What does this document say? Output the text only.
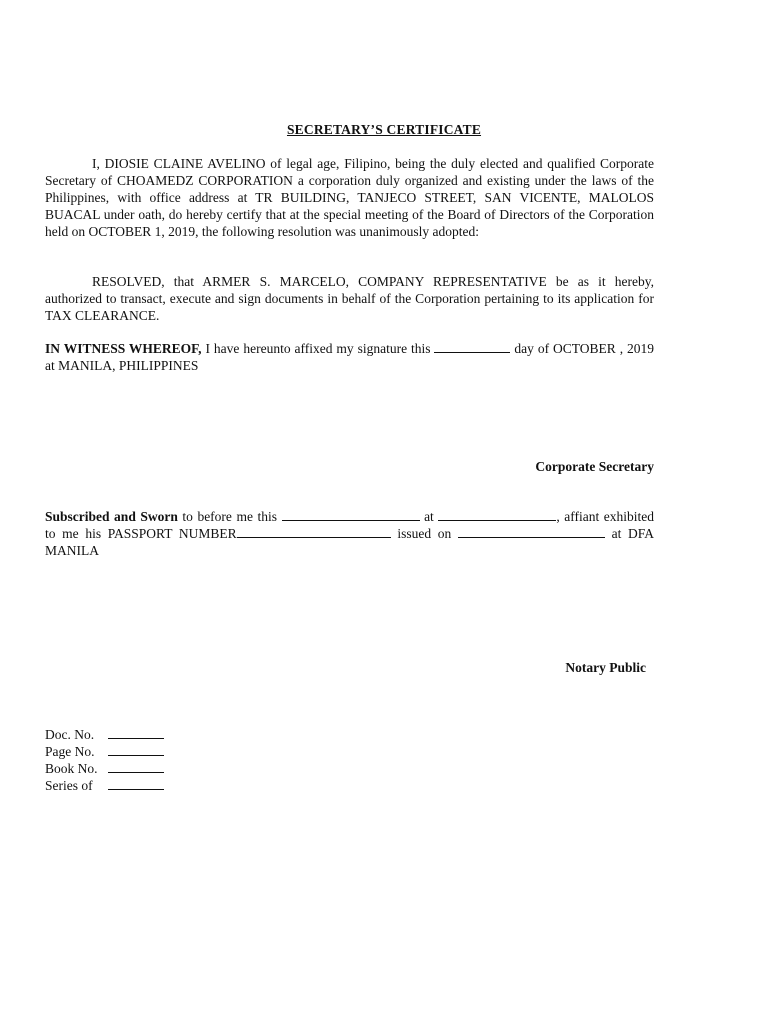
SECRETARY’S CERTIFICATE
I, DIOSIE CLAINE AVELINO of legal age, Filipino, being the duly elected and qualified Corporate Secretary of CHOAMEDZ CORPORATION a corporation duly organized and existing under the laws of the Philippines, with office address at TR BUILDING, TANJECO STREET, SAN VICENTE, MALOLOS BUACAL under oath, do hereby certify that at the special meeting of the Board of Directors of the Corporation held on OCTOBER 1, 2019, the following resolution was unanimously adopted:
RESOLVED, that ARMER S. MARCELO, COMPANY REPRESENTATIVE be as it hereby, authorized to transact, execute and sign documents in behalf of the Corporation pertaining to its application for TAX CLEARANCE.
IN WITNESS WHEREOF, I have hereunto affixed my signature this	day of OCTOBER , 2019 at MANILA, PHILIPPINES
Corporate Secretary
Subscribed and Sworn to before me this	at	, affiant exhibited to me his PASSPORT NUMBER	issued on	at DFA MANILA
Notary Public
Doc. No.
Page No.
Book No.
Series of
